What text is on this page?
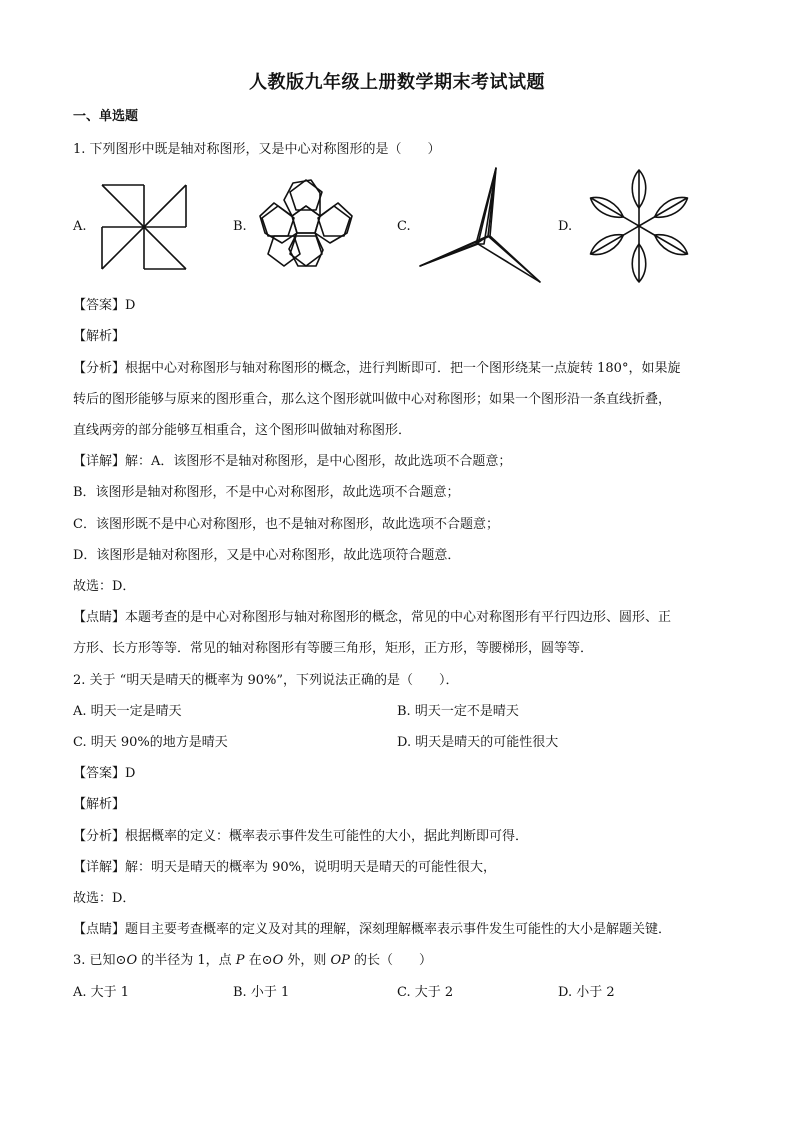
人教版九年级上册数学期末考试试题
一、单选题
1. 下列图形中既是轴对称图形，又是中心对称图形的是（　　）
A.	B.	C.	D.
【答案】D
【解析】
【分析】根据中心对称图形与轴对称图形的概念，进行判断即可．把一个图形绕某一点旋转 180°，如果旋
转后的图形能够与原来的图形重合，那么这个图形就叫做中心对称图形；如果一个图形沿一条直线折叠，
直线两旁的部分能够互相重合，这个图形叫做轴对称图形．
【详解】解：A．该图形不是轴对称图形，是中心图形，故此选项不合题意；
B．该图形是轴对称图形，不是中心对称图形，故此选项不合题意；
C．该图形既不是中心对称图形，也不是轴对称图形，故此选项不合题意；
D．该图形是轴对称图形，又是中心对称图形，故此选项符合题意．
故选：D．
【点睛】本题考查的是中心对称图形与轴对称图形的概念，常见的中心对称图形有平行四边形、圆形、正
方形、长方形等等．常见的轴对称图形有等腰三角形，矩形，正方形，等腰梯形，圆等等．
2. 关于 “明天是晴天的概率为 90%”，下列说法正确的是（　　）．
A. 明天一定是晴天	B. 明天一定不是晴天
C. 明天 90%的地方是晴天	D. 明天是晴天的可能性很大
【答案】D
【解析】
【分析】根据概率的定义：概率表示事件发生可能性的大小，据此判断即可得．
【详解】解：明天是晴天的概率为 90%，说明明天是晴天的可能性很大，
故选：D．
【点睛】题目主要考查概率的定义及对其的理解，深刻理解概率表示事件发生可能性的大小是解题关键．
3. 已知⊙O 的半径为 1，点 P 在⊙O 外，则 OP 的长（　　）
A. 大于 1	B. 小于 1	C. 大于 2	D. 小于 2
